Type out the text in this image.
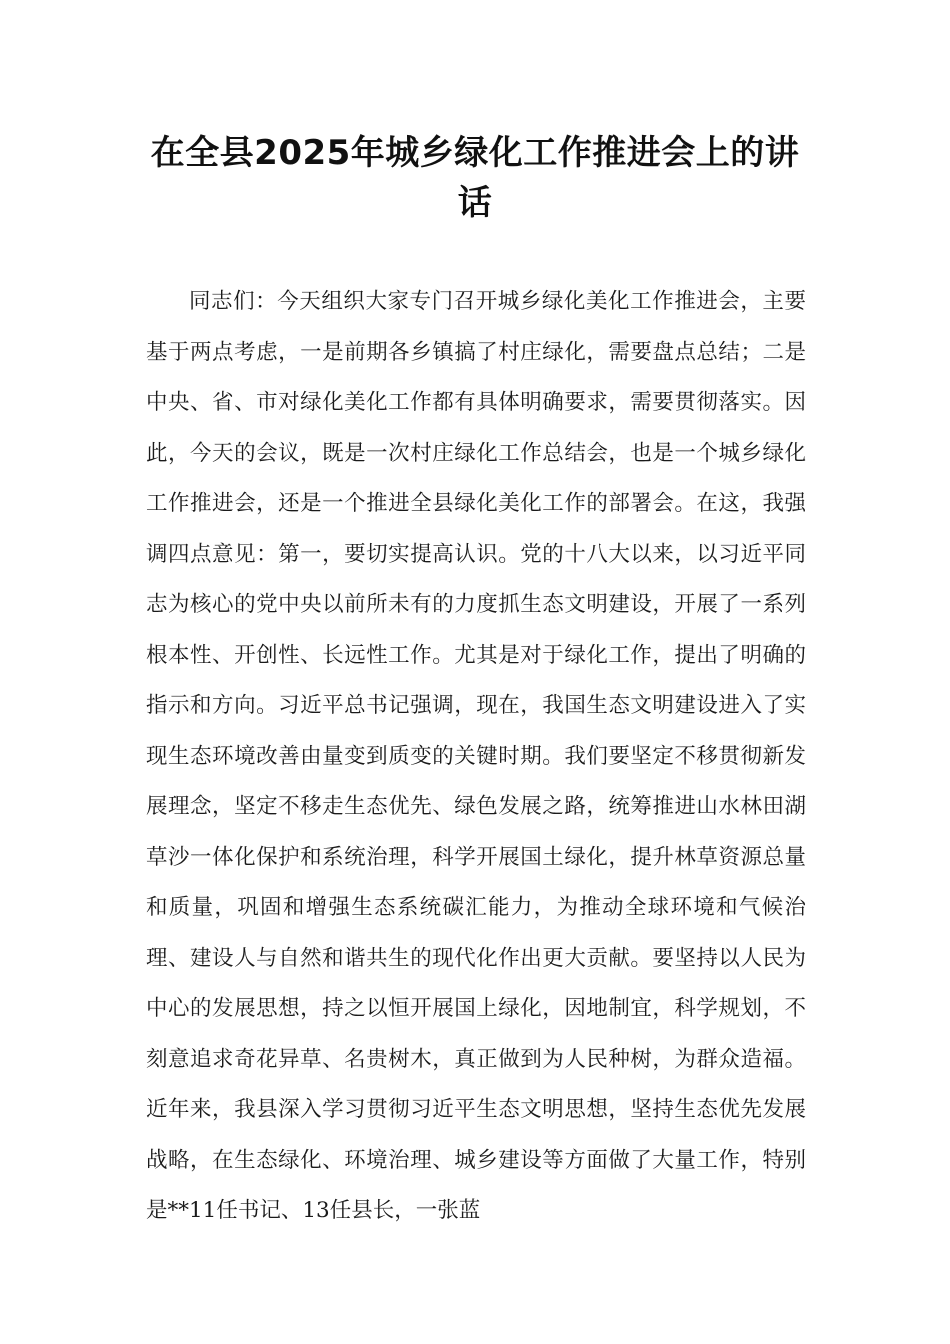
在全县2025年城乡绿化工作推进会上的讲话

同志们：今天组织大家专门召开城乡绿化美化工作推进会，主要基于两点考虑，一是前期各乡镇搞了村庄绿化，需要盘点总结；二是中央、省、市对绿化美化工作都有具体明确要求，需要贯彻落实。因此，今天的会议，既是一次村庄绿化工作总结会，也是一个城乡绿化工作推进会，还是一个推进全县绿化美化工作的部署会。在这，我强调四点意见：第一，要切实提高认识。党的十八大以来，以习近平同志为核心的党中央以前所未有的力度抓生态文明建设，开展了一系列根本性、开创性、长远性工作。尤其是对于绿化工作，提出了明确的指示和方向。习近平总书记强调，现在，我国生态文明建设进入了实现生态环境改善由量变到质变的关键时期。我们要坚定不移贯彻新发展理念，坚定不移走生态优先、绿色发展之路，统筹推进山水林田湖草沙一体化保护和系统治理，科学开展国土绿化，提升林草资源总量和质量，巩固和增强生态系统碳汇能力，为推动全球环境和气候治理、建设人与自然和谐共生的现代化作出更大贡献。要坚持以人民为中心的发展思想，持之以恒开展国上绿化，因地制宜，科学规划，不刻意追求奇花异草、名贵树木，真正做到为人民种树，为群众造福。近年来，我县深入学习贯彻习近平生态文明思想，坚持生态优先发展战略，在生态绿化、环境治理、城乡建设等方面做了大量工作，特别是**11任书记、13任县长，一张蓝
